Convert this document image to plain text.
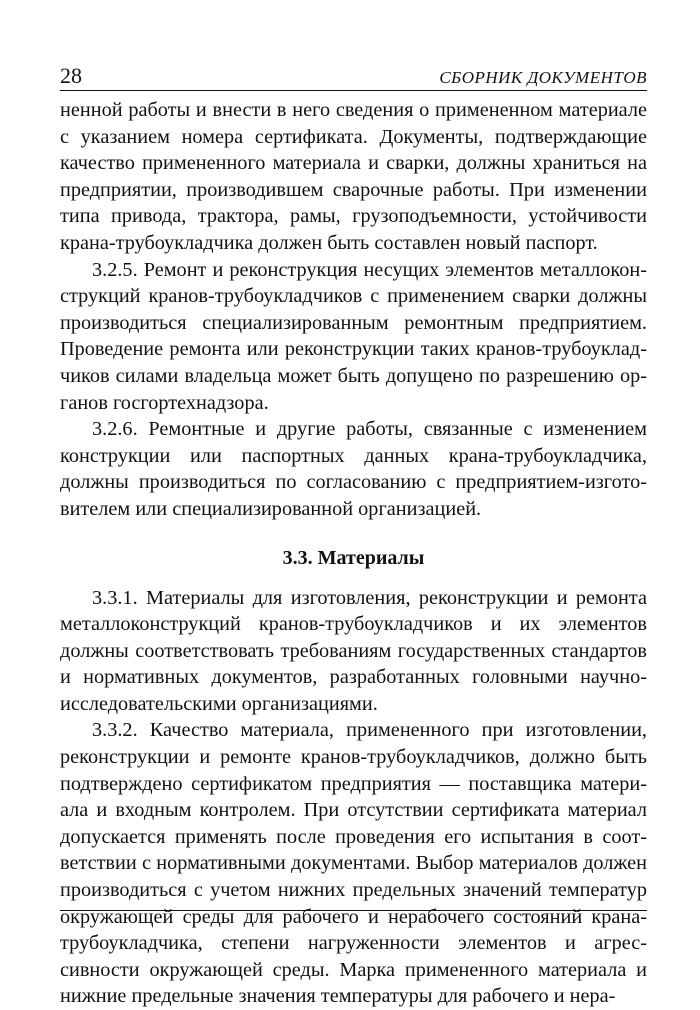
28	СБОРНИК ДОКУМЕНТОВ

ненной работы и внести в него сведения о примененном материале с указанием номера сертификата. Документы, подтверждающие качество примененного материала и сварки, должны храниться на предприятии, производившем сварочные работы. При изменении типа привода, трактора, рамы, грузоподъемности, устойчивости крана-трубоукладчика должен быть составлен новый паспорт.

3.2.5. Ремонт и реконструкция несущих элементов металлоконструкций кранов-трубоукладчиков с применением сварки должны производиться специализированным ремонтным предприятием. Проведение ремонта или реконструкции таких кранов-трубоукладчиков силами владельца может быть допущено по разрешению органов госгортехнадзора.

3.2.6. Ремонтные и другие работы, связанные с изменением конструкции или паспортных данных крана-трубоукладчика, должны производиться по согласованию с предприятием-изготовителем или специализированной организацией.

3.3. Материалы

3.3.1. Материалы для изготовления, реконструкции и ремонта металлоконструкций кранов-трубоукладчиков и их элементов должны соответствовать требованиям государственных стандартов и нормативных документов, разработанных головными научно-исследовательскими организациями.

3.3.2. Качество материала, примененного при изготовлении, реконструкции и ремонте кранов-трубоукладчиков, должно быть подтверждено сертификатом предприятия — поставщика материала и входным контролем. При отсутствии сертификата материал допускается применять после проведения его испытания в соответствии с нормативными документами. Выбор материалов должен производиться с учетом нижних предельных значений температур окружающей среды для рабочего и нерабочего состояний крана-трубоукладчика, степени нагруженности элементов и агрессивности окружающей среды. Марка примененного материала и нижние предельные значения температуры для рабочего и нера-
